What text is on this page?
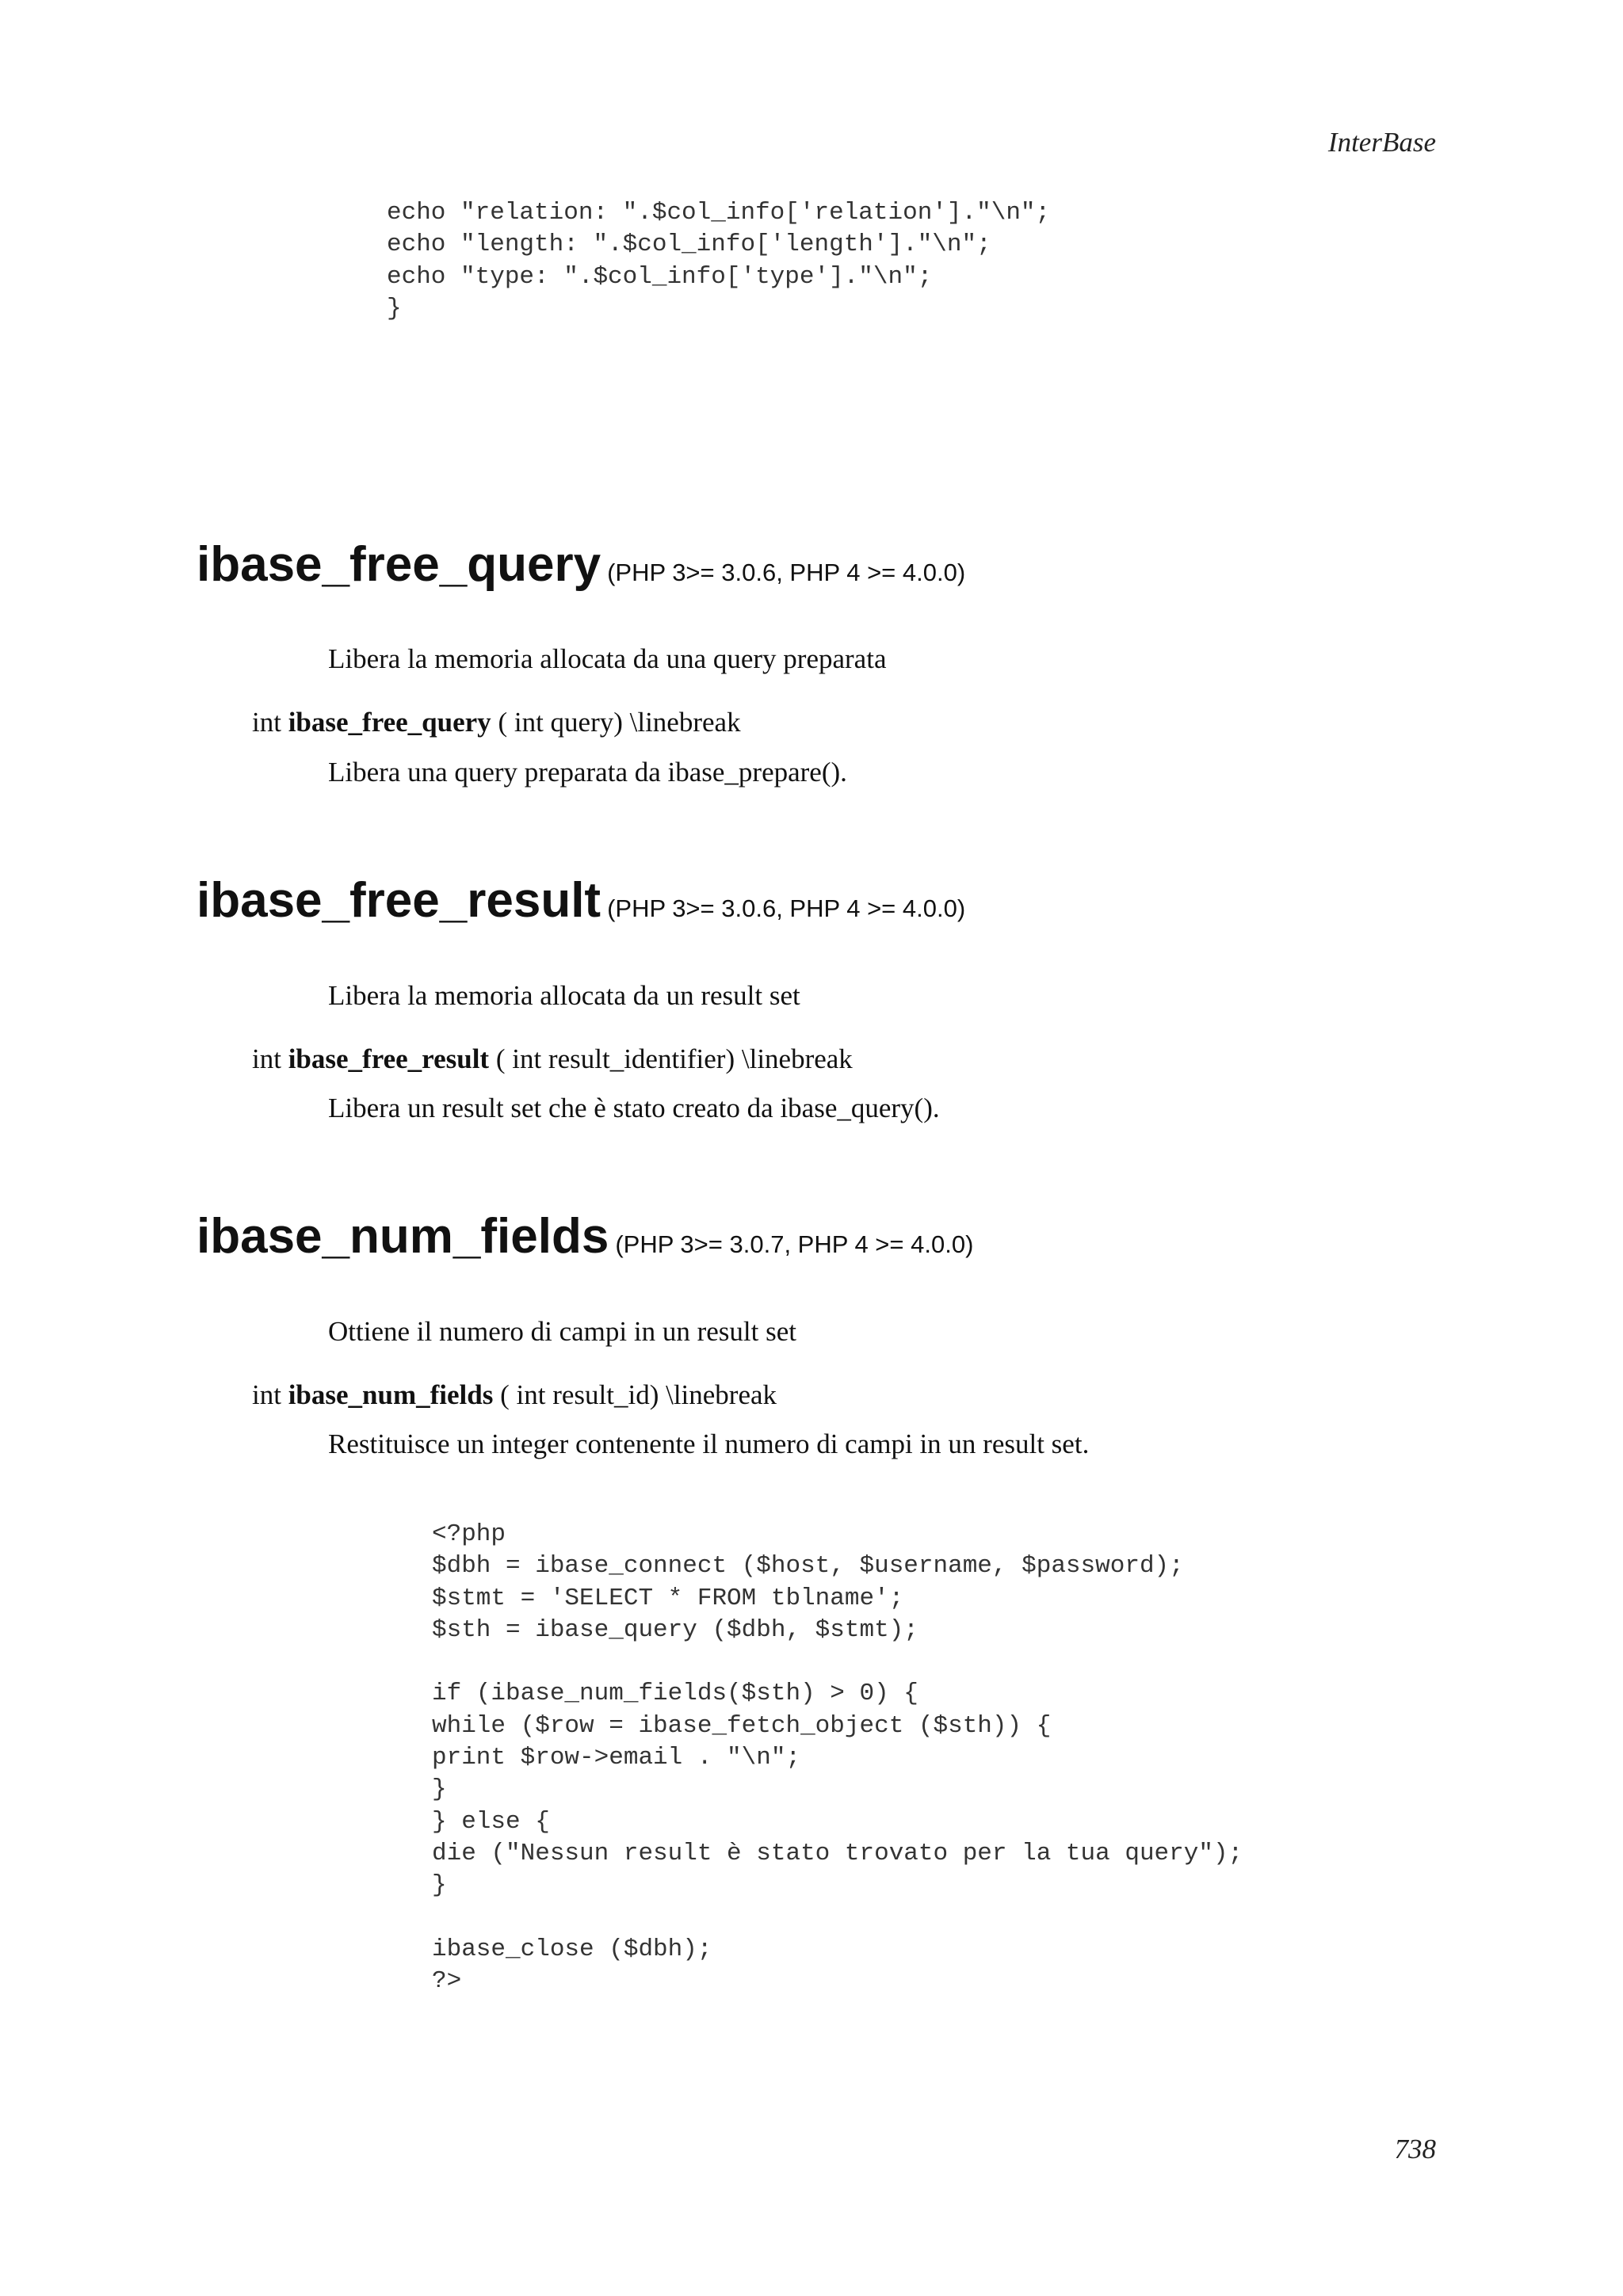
InterBase
echo "relation: ".$col_info['relation']."\n";
echo "length: ".$col_info['length']."\n";
echo "type: ".$col_info['type']."\n";
}
ibase_free_query (PHP 3>= 3.0.6, PHP 4 >= 4.0.0)

Libera la memoria allocata da una query preparata

int ibase_free_query ( int query) \linebreak

Libera una query preparata da ibase_prepare().

ibase_free_result (PHP 3>= 3.0.6, PHP 4 >= 4.0.0)

Libera la memoria allocata da un result set

int ibase_free_result ( int result_identifier) \linebreak

Libera un result set che è stato creato da ibase_query().

ibase_num_fields (PHP 3>= 3.0.7, PHP 4 >= 4.0.0)

Ottiene il numero di campi in un result set

int ibase_num_fields ( int result_id) \linebreak

Restituisce un integer contenente il numero di campi in un result set.

<?php
$dbh = ibase_connect ($host, $username, $password);
$stmt = 'SELECT * FROM tblname';
$sth = ibase_query ($dbh, $stmt);

if (ibase_num_fields($sth) > 0) {
while ($row = ibase_fetch_object ($sth)) {
print $row->email . "\n";
}
} else {
die ("Nessun result è stato trovato per la tua query");
}

ibase_close ($dbh);
?>
738
